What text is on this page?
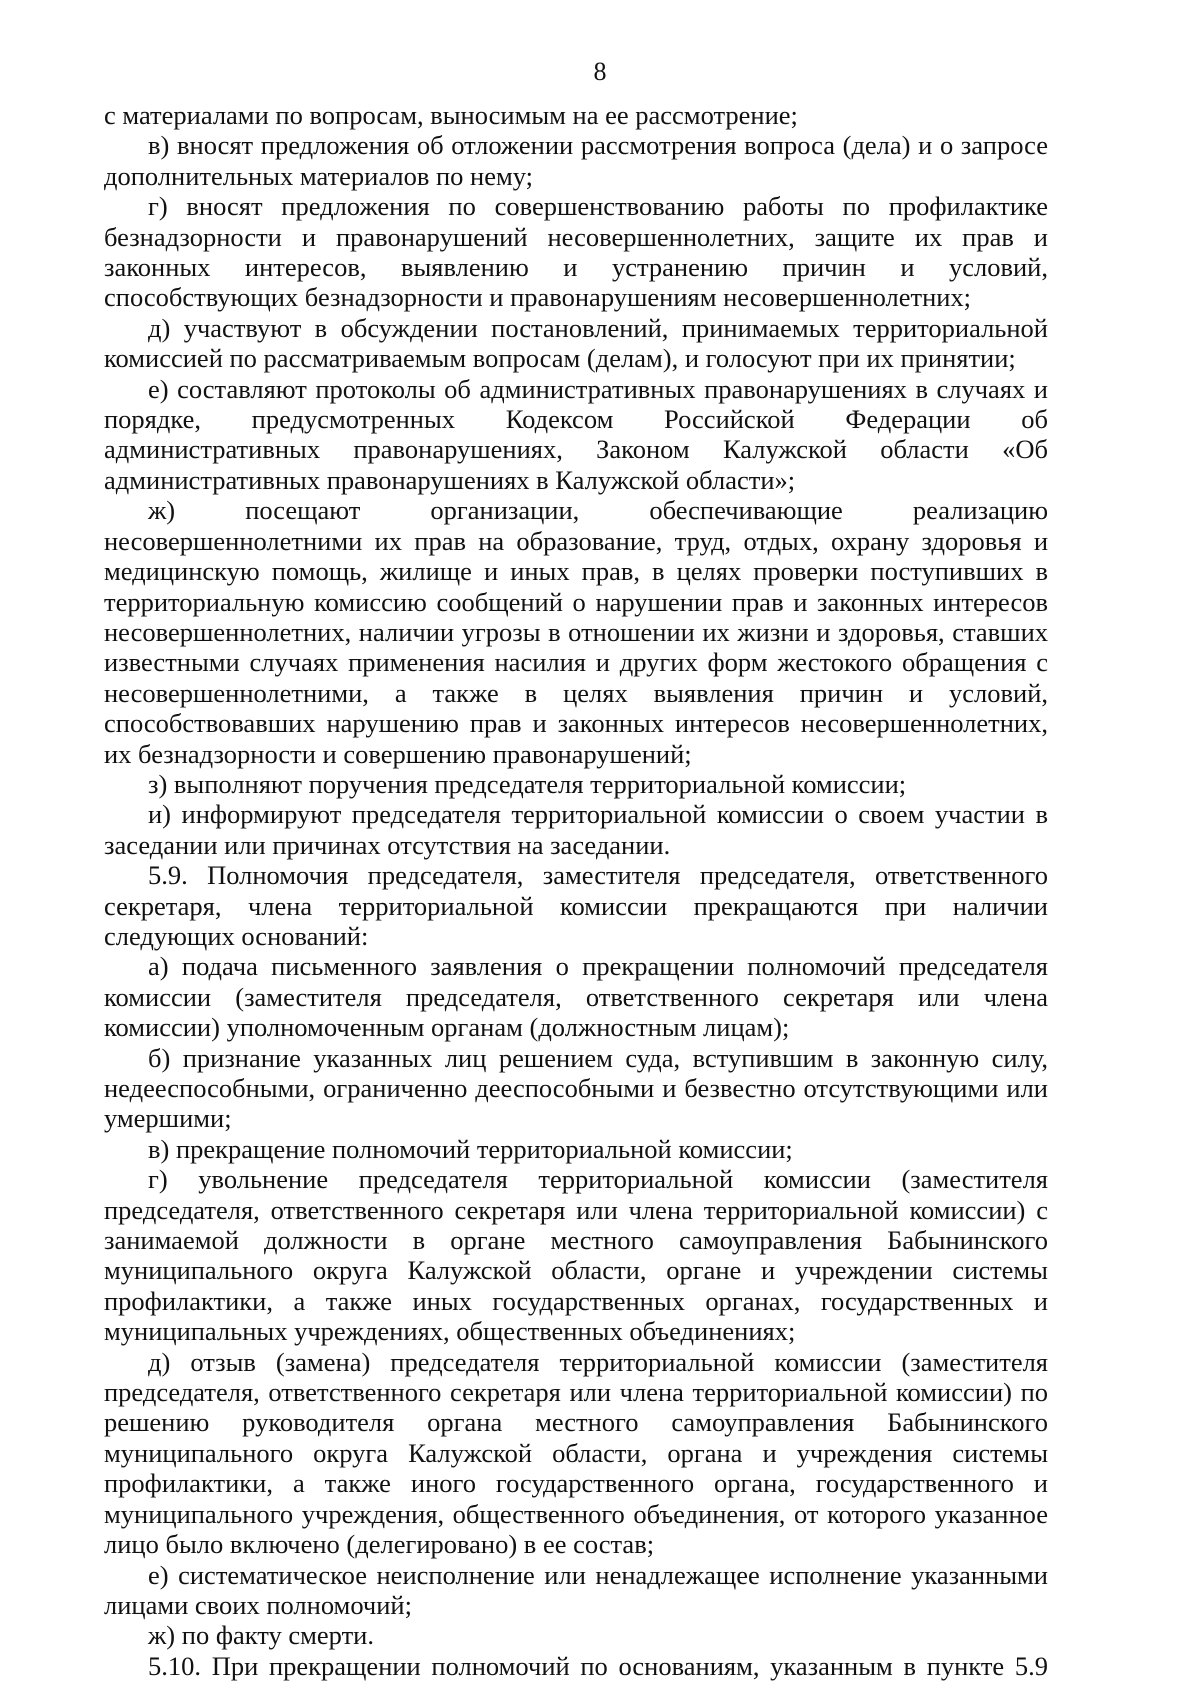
8

с материалами по вопросам, выносимым на ее рассмотрение;

в) вносят предложения об отложении рассмотрения вопроса (дела) и о запросе дополнительных материалов по нему;

г) вносят предложения по совершенствованию работы по профилактике безнадзорности и правонарушений несовершеннолетних, защите их прав и законных интересов, выявлению и устранению причин и условий, способствующих безнадзорности и правонарушениям несовершеннолетних;

д) участвуют в обсуждении постановлений, принимаемых территориальной комиссией по рассматриваемым вопросам (делам), и голосуют при их принятии;

е) составляют протоколы об административных правонарушениях в случаях и порядке, предусмотренных Кодексом Российской Федерации об административных правонарушениях, Законом Калужской области «Об административных правонарушениях в Калужской области»;

ж) посещают организации, обеспечивающие реализацию несовершеннолетними их прав на образование, труд, отдых, охрану здоровья и медицинскую помощь, жилище и иных прав, в целях проверки поступивших в территориальную комиссию сообщений о нарушении прав и законных интересов несовершеннолетних, наличии угрозы в отношении их жизни и здоровья, ставших известными случаях применения насилия и других форм жестокого обращения с несовершеннолетними, а также в целях выявления причин и условий, способствовавших нарушению прав и законных интересов несовершеннолетних, их безнадзорности и совершению правонарушений;

з) выполняют поручения председателя территориальной комиссии;

и) информируют председателя территориальной комиссии о своем участии в заседании или причинах отсутствия на заседании.

5.9. Полномочия председателя, заместителя председателя, ответственного секретаря, члена территориальной комиссии прекращаются при наличии следующих оснований:

а) подача письменного заявления о прекращении полномочий председателя комиссии (заместителя председателя, ответственного секретаря или члена комиссии) уполномоченным органам (должностным лицам);

б) признание указанных лиц решением суда, вступившим в законную силу, недееспособными, ограниченно дееспособными и безвестно отсутствующими или умершими;

в) прекращение полномочий территориальной комиссии;

г) увольнение председателя территориальной комиссии (заместителя председателя, ответственного секретаря или члена территориальной комиссии) с занимаемой должности в органе местного самоуправления Бабынинского муниципального округа Калужской области, органе и учреждении системы профилактики, а также иных государственных органах, государственных и муниципальных учреждениях, общественных объединениях;

д) отзыв (замена) председателя территориальной комиссии (заместителя председателя, ответственного секретаря или члена территориальной комиссии) по решению руководителя органа местного самоуправления Бабынинского муниципального округа Калужской области, органа и учреждения системы профилактики, а также иного государственного органа, государственного и муниципального учреждения, общественного объединения, от которого указанное лицо было включено (делегировано) в ее состав;

е) систематическое неисполнение или ненадлежащее исполнение указанными лицами своих полномочий;

ж) по факту смерти.

5.10. При прекращении полномочий по основаниям, указанным в пункте 5.9
